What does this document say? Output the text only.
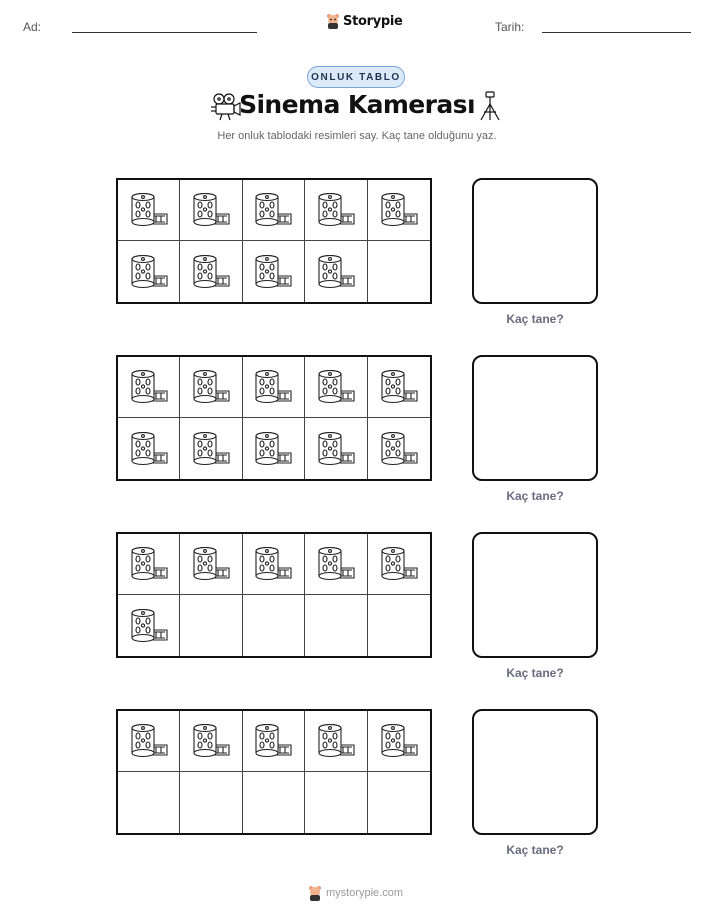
Ad:	Storypie	Tarih:
ONLUK TABLO
Sinema Kamerası
Her onluk tablodaki resimleri say. Kaç tane olduğunu yaz.
Kaç tane?
Kaç tane?
Kaç tane?
Kaç tane?
mystorypie.com
